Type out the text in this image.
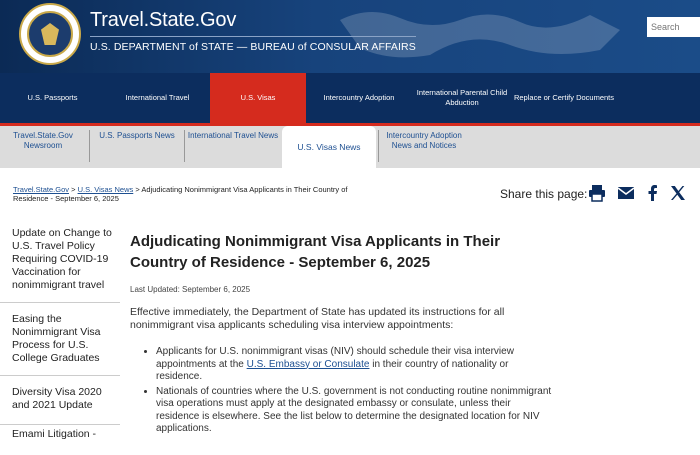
Travel.State.Gov
U.S. DEPARTMENT of STATE — BUREAU of CONSULAR AFFAIRS
Search
U.S. Passports	International Travel	U.S. Visas	Intercountry Adoption
International Parental Child Abduction
Replace or Certify Documents
Travel.State.Gov Newsroom
U.S. Passports News	International Travel News
U.S. Visas News
Intercountry Adoption News and Notices
Travel.State.Gov > U.S. Visas News > Adjudicating Nonimmigrant Visa Applicants in Their Country of Residence - September 6, 2025	Share this page:
Update on Change to U.S. Travel Policy Requiring COVID-19 Vaccination for nonimmigrant travel
Easing the Nonimmigrant Visa Process for U.S. College Graduates
Diversity Visa 2020 and 2021 Update
Emami Litigation -
Adjudicating Nonimmigrant Visa Applicants in Their Country of Residence - September 6, 2025
Last Updated: September 6, 2025
Effective immediately, the Department of State has updated its instructions for all nonimmigrant visa applicants scheduling visa interview appointments:
• Applicants for U.S. nonimmigrant visas (NIV) should schedule their visa interview appointments at the U.S. Embassy or Consulate in their country of nationality or residence.
• Nationals of countries where the U.S. government is not conducting routine nonimmigrant visa operations must apply at the designated embassy or consulate, unless their residence is elsewhere. See the list below to determine the designated location for NIV applications.
